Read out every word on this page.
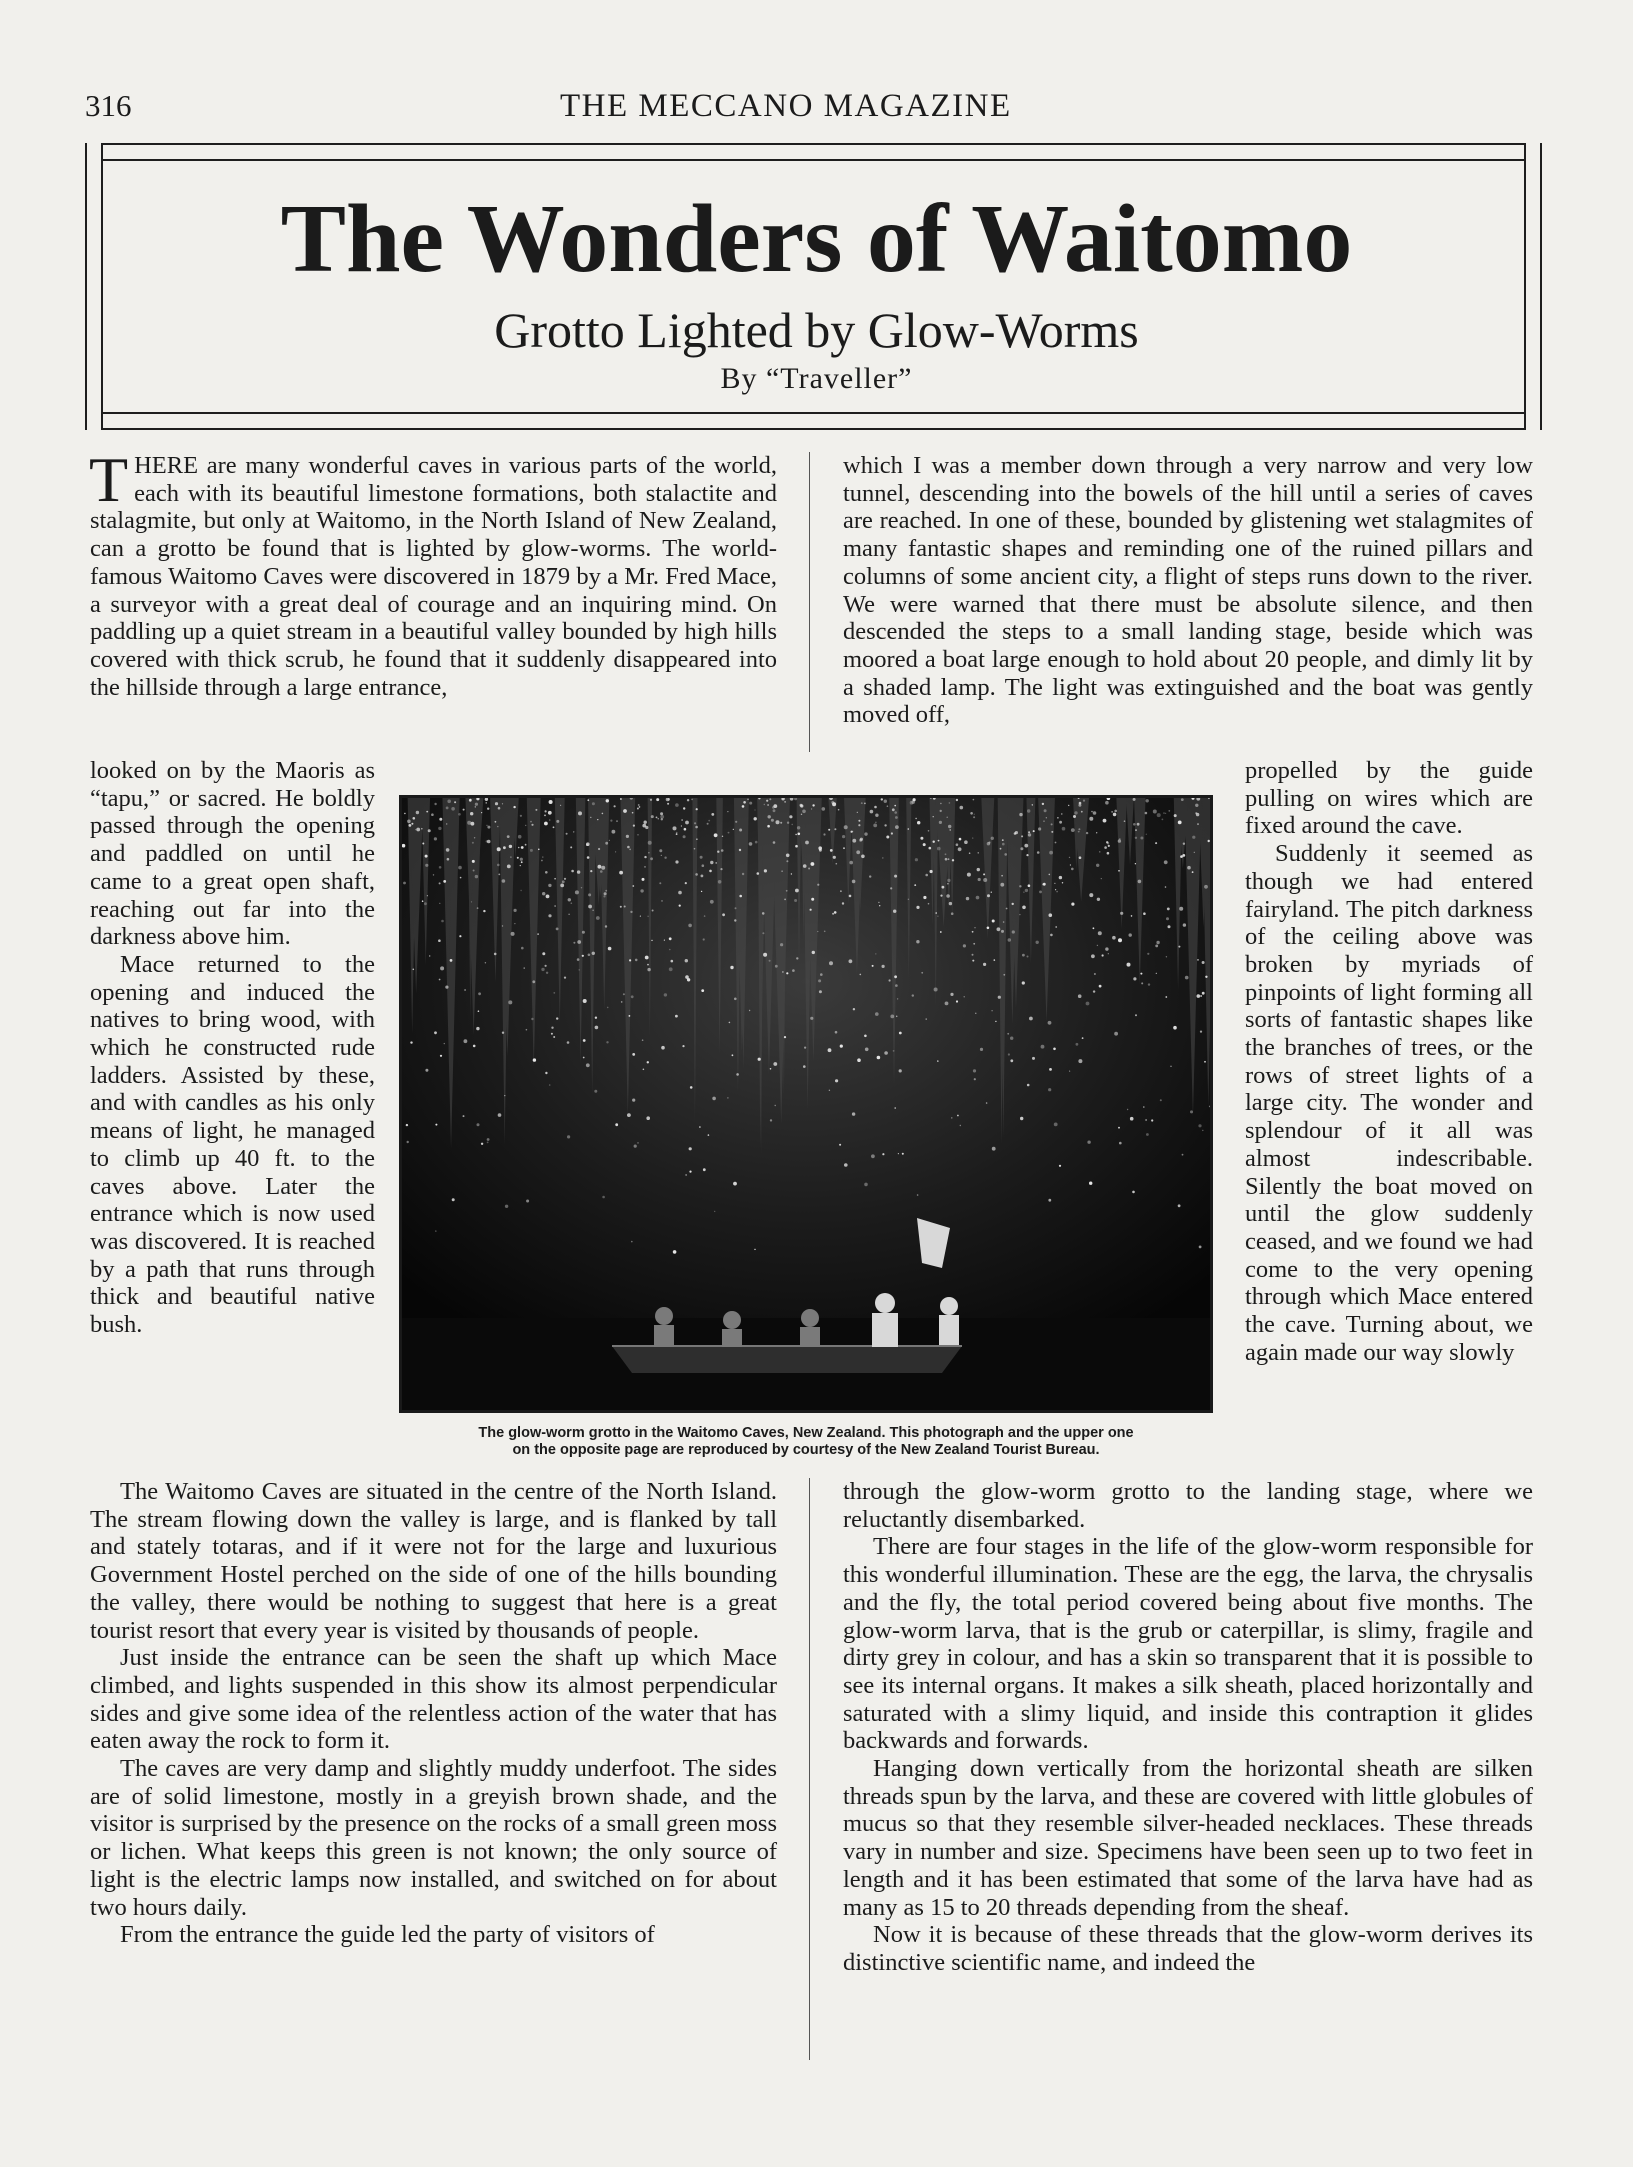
316	THE MECCANO MAGAZINE
The Wonders of Waitomo
Grotto Lighted by Glow-Worms
By “Traveller”

THERE are many wonderful caves in various parts of the world, each with its beautiful limestone formations, both stalactite and stalagmite, but only at Waitomo, in the North Island of New Zealand, can a grotto be found that is lighted by glow-worms. The world-famous Waitomo Caves were discovered in 1879 by a Mr. Fred Mace, a surveyor with a great deal of courage and an inquiring mind. On paddling up a quiet stream in a beautiful valley bounded by high hills covered with thick scrub, he found that it suddenly disappeared into the hillside through a large entrance,

looked on by the Maoris as “tapu,” or sacred. He boldly passed through the opening and paddled on until he came to a great open shaft, reaching out far into the darkness above him.

Mace returned to the opening and induced the natives to bring wood, with which he constructed rude ladders. Assisted by these, and with candles as his only means of light, he managed to climb up 40 ft. to the caves above. Later the entrance which is now used was discovered. It is reached by a path that runs through thick and beautiful native bush.

The Waitomo Caves are situated in the centre of the North Island. The stream flowing down the valley is large, and is flanked by tall and stately totaras, and if it were not for the large and luxurious Government Hostel perched on the side of one of the hills bounding the valley, there would be nothing to suggest that here is a great tourist resort that every year is visited by thousands of people.

Just inside the entrance can be seen the shaft up which Mace climbed, and lights suspended in this show its almost perpendicular sides and give some idea of the relentless action of the water that has eaten away the rock to form it.

The caves are very damp and slightly muddy underfoot. The sides are of solid limestone, mostly in a greyish brown shade, and the visitor is surprised by the presence on the rocks of a small green moss or lichen. What keeps this green is not known; the only source of light is the electric lamps now installed, and switched on for about two hours daily.

From the entrance the guide led the party of visitors of

which I was a member down through a very narrow and very low tunnel, descending into the bowels of the hill until a series of caves are reached. In one of these, bounded by glistening wet stalagmites of many fantastic shapes and reminding one of the ruined pillars and columns of some ancient city, a flight of steps runs down to the river. We were warned that there must be absolute silence, and then descended the steps to a small landing stage, beside which was moored a boat large enough to hold about 20 people, and dimly lit by a shaded lamp. The light was extinguished and the boat was gently moved off,

propelled by the guide pulling on wires which are fixed around the cave.

Suddenly it seemed as though we had entered fairyland. The pitch darkness of the ceiling above was broken by myriads of pinpoints of light forming all sorts of fantastic shapes like the branches of trees, or the rows of street lights of a large city. The wonder and splendour of it all was almost indescribable. Silently the boat moved on until the glow suddenly ceased, and we found we had come to the very opening through which Mace entered the cave. Turning about, we again made our way slowly

through the glow-worm grotto to the landing stage, where we reluctantly disembarked.

There are four stages in the life of the glow-worm responsible for this wonderful illumination. These are the egg, the larva, the chrysalis and the fly, the total period covered being about five months. The glow-worm larva, that is the grub or caterpillar, is slimy, fragile and dirty grey in colour, and has a skin so transparent that it is possible to see its internal organs. It makes a silk sheath, placed horizontally and saturated with a slimy liquid, and inside this contraption it glides backwards and forwards.

Hanging down vertically from the horizontal sheath are silken threads spun by the larva, and these are covered with little globules of mucus so that they resemble silver-headed necklaces. These threads vary in number and size. Specimens have been seen up to two feet in length and it has been estimated that some of the larva have had as many as 15 to 20 threads depending from the sheaf.

Now it is because of these threads that the glow-worm derives its distinctive scientific name, and indeed the

The glow-worm grotto in the Waitomo Caves, New Zealand. This photograph and the upper one
on the opposite page are reproduced by courtesy of the New Zealand Tourist Bureau.
